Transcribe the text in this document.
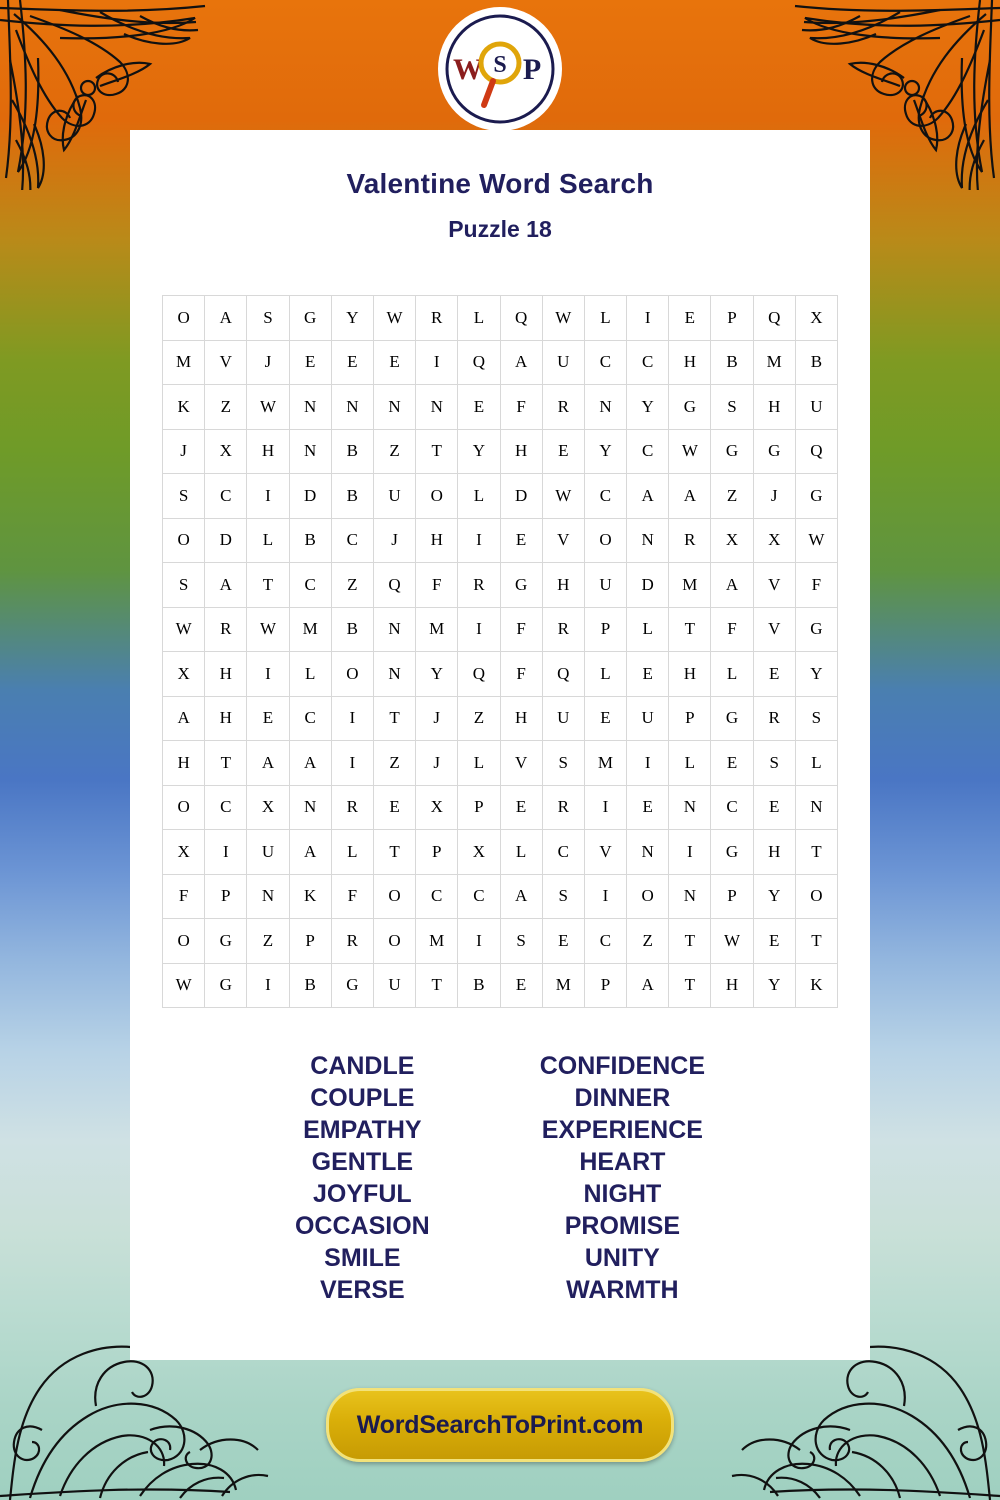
W P
S
Valentine Word Search
Puzzle 18
O	A	S	G	Y	W	R	L	Q	W	L	I	E	P	Q	X
M	V	J	E	E	E	I	Q	A	U	C	C	H	B	M	B
K	Z	W	N	N	N	N	E	F	R	N	Y	G	S	H	U
J	X	H	N	B	Z	T	Y	H	E	Y	C	W	G	G	Q
S	C	I	D	B	U	O	L	D	W	C	A	A	Z	J	G
O	D	L	B	C	J	H	I	E	V	O	N	R	X	X	W
S	A	T	C	Z	Q	F	R	G	H	U	D	M	A	V	F
W	R	W	M	B	N	M	I	F	R	P	L	T	F	V	G
X	H	I	L	O	N	Y	Q	F	Q	L	E	H	L	E	Y
A	H	E	C	I	T	J	Z	H	U	E	U	P	G	R	S
H	T	A	A	I	Z	J	L	V	S	M	I	L	E	S	L
O	C	X	N	R	E	X	P	E	R	I	E	N	C	E	N
X	I	U	A	L	T	P	X	L	C	V	N	I	G	H	T
F	P	N	K	F	O	C	C	A	S	I	O	N	P	Y	O
O	G	Z	P	R	O	M	I	S	E	C	Z	T	W	E	T
W	G	I	B	G	U	T	B	E	M	P	A	T	H	Y	K
CANDLE
COUPLE
EMPATHY
GENTLE
JOYFUL
OCCASION
SMILE
VERSE
CONFIDENCE
DINNER
EXPERIENCE
HEART
NIGHT
PROMISE
UNITY
WARMTH
WordSearchToPrint.com
